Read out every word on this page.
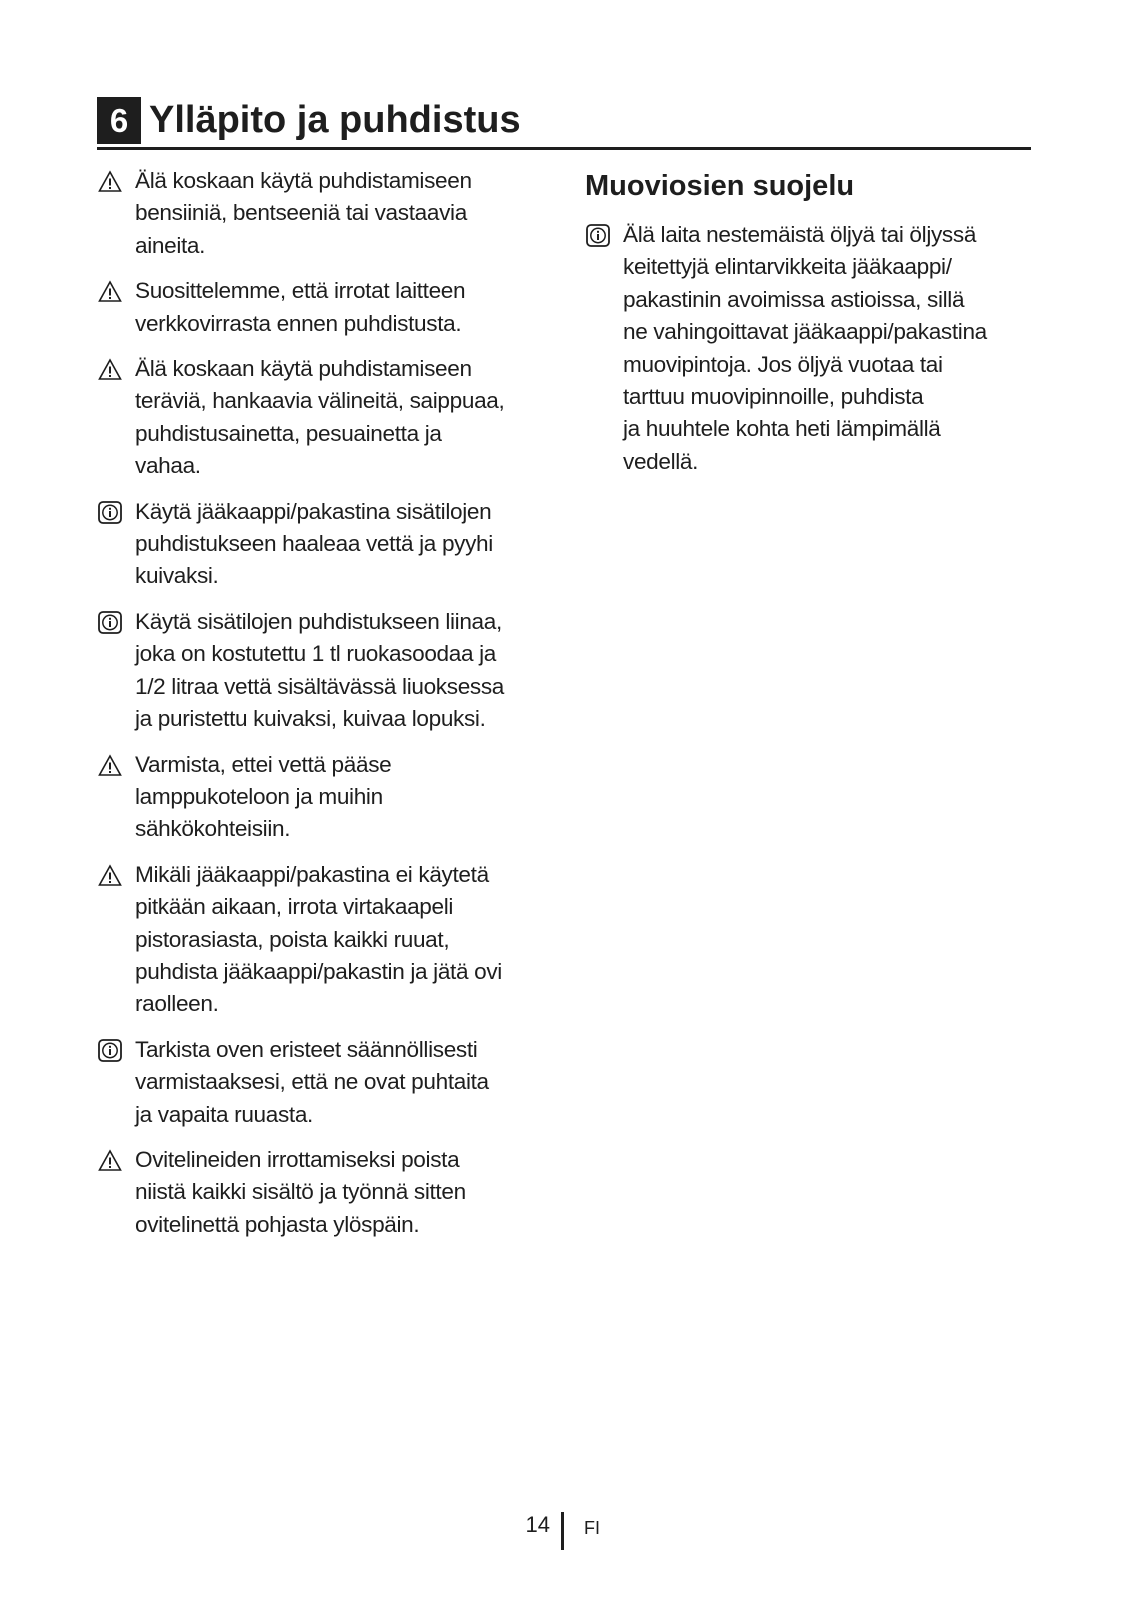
6 Ylläpito ja puhdistus
Älä koskaan käytä puhdistamiseen
bensiiniä, bentseeniä tai vastaavia
aineita.
Suosittelemme, että irrotat laitteen
verkkovirrasta ennen puhdistusta.
Älä koskaan käytä puhdistamiseen
teräviä, hankaavia välineitä, saippuaa,
puhdistusainetta, pesuainetta ja
vahaa.
Käytä jääkaappi/pakastina sisätilojen
puhdistukseen haaleaa vettä ja pyyhi
kuivaksi.
Käytä sisätilojen puhdistukseen liinaa,
joka on kostutettu 1 tl ruokasoodaa ja
1/2 litraa vettä sisältävässä liuoksessa
ja puristettu kuivaksi, kuivaa lopuksi.
Varmista, ettei vettä pääse
lamppukoteloon ja muihin
sähkökohteisiin.
Mikäli jääkaappi/pakastina ei käytetä
pitkään aikaan, irrota virtakaapeli
pistorasiasta, poista kaikki ruuat,
puhdista jääkaappi/pakastin ja jätä ovi
raolleen.
Tarkista oven eristeet säännöllisesti
varmistaaksesi, että ne ovat puhtaita
ja vapaita ruuasta.
Ovitelineiden irrottamiseksi poista
niistä kaikki sisältö ja työnnä sitten
ovitelinettä pohjasta ylöspäin.
Muoviosien suojelu
Älä laita nestemäistä öljyä tai öljyssä
keitettyjä elintarvikkeita jääkaappi/
pakastinin avoimissa astioissa, sillä
ne vahingoittavat jääkaappi/pakastina
muovipintoja. Jos öljyä vuotaa tai
tarttuu muovipinnoille, puhdista
ja huuhtele kohta heti lämpimällä
vedellä.
14 FI
